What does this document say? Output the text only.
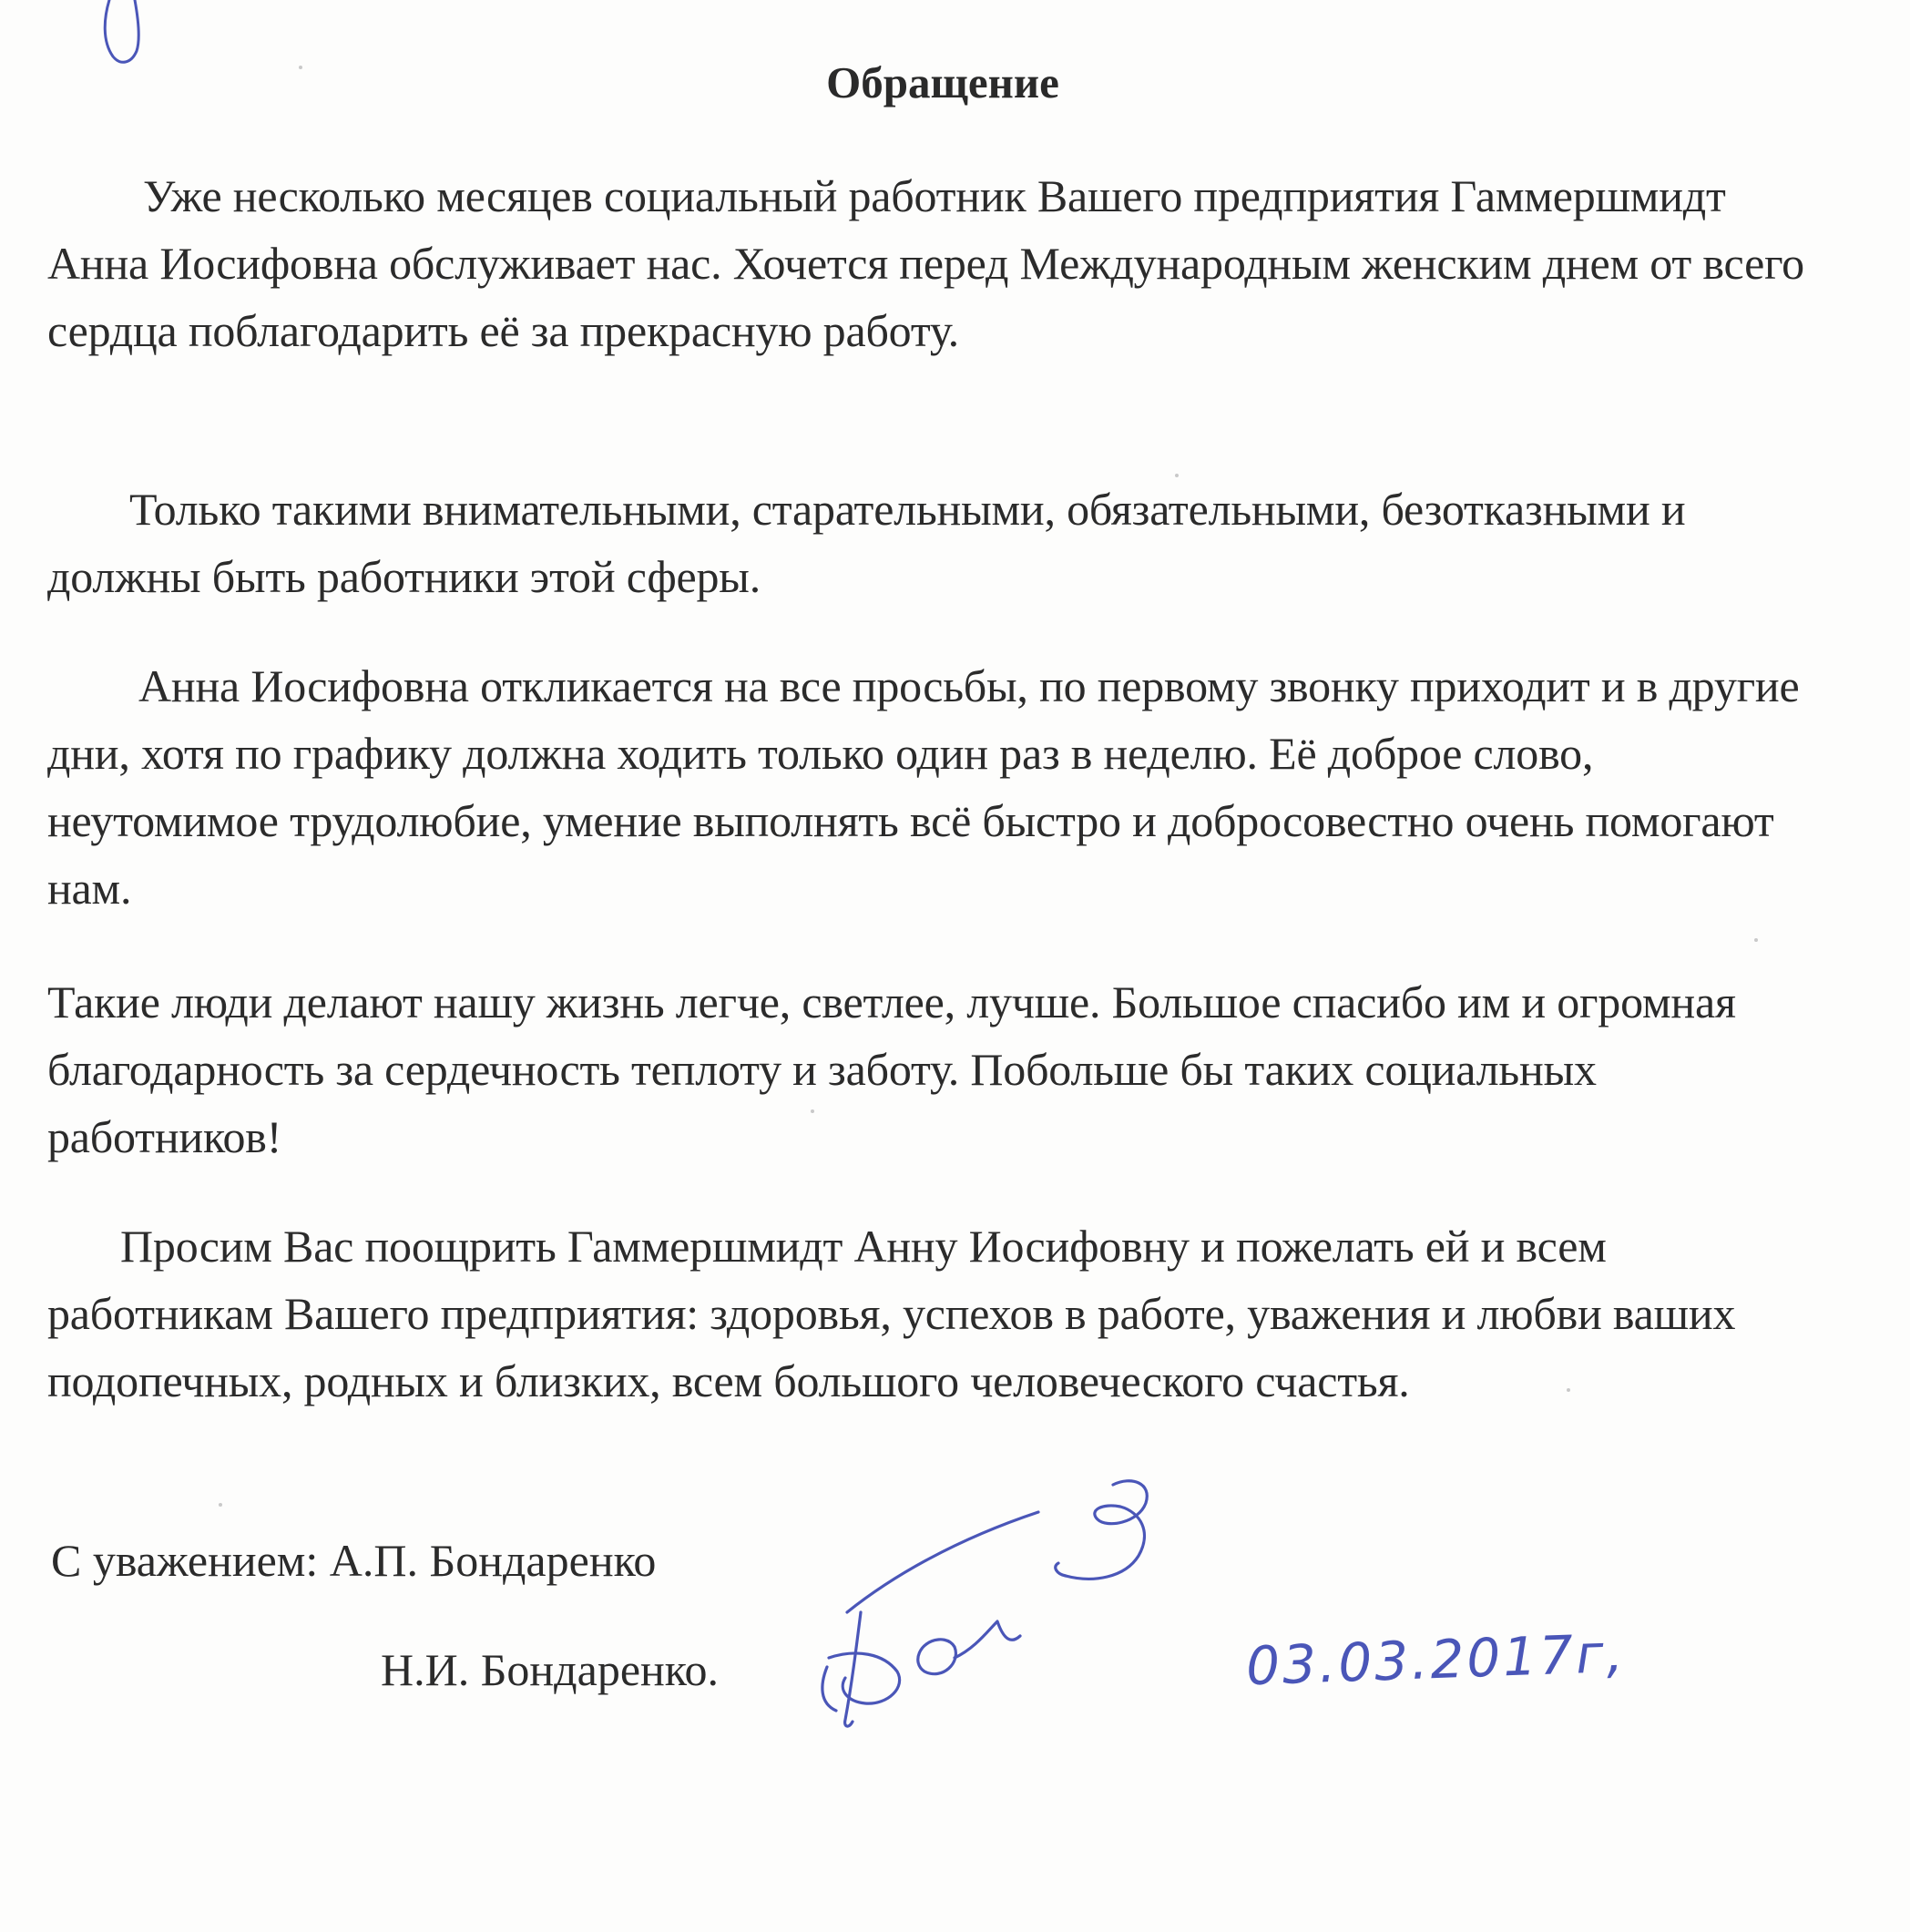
Обращение

Уже несколько месяцев социальный работник Вашего предприятия Гаммершмидт Анна Иосифовна обслуживает нас. Хочется перед Международным женским днем от всего сердца поблагодарить её за прекрасную работу.

Только такими внимательными, старательными, обязательными, безотказными и должны быть работники этой сферы.

Анна Иосифовна откликается на все просьбы, по первому звонку приходит и в другие дни, хотя по графику должна ходить только один раз в неделю. Её доброе слово, неутомимое трудолюбие, умение выполнять всё быстро и добросовестно очень помогают нам.

Такие люди делают нашу жизнь легче, светлее, лучше. Большое спасибо им и огромная благодарность за сердечность теплоту и заботу. Побольше бы таких социальных работников!

Просим Вас поощрить Гаммершмидт Анну Иосифовну и пожелать ей и всем работникам Вашего предприятия: здоровья, успехов в работе, уважения и любви ваших подопечных, родных и близких, всем большого человеческого счастья.

С уважением: А.П. Бондаренко

Н.И. Бондаренко.	03.03.2017г,
